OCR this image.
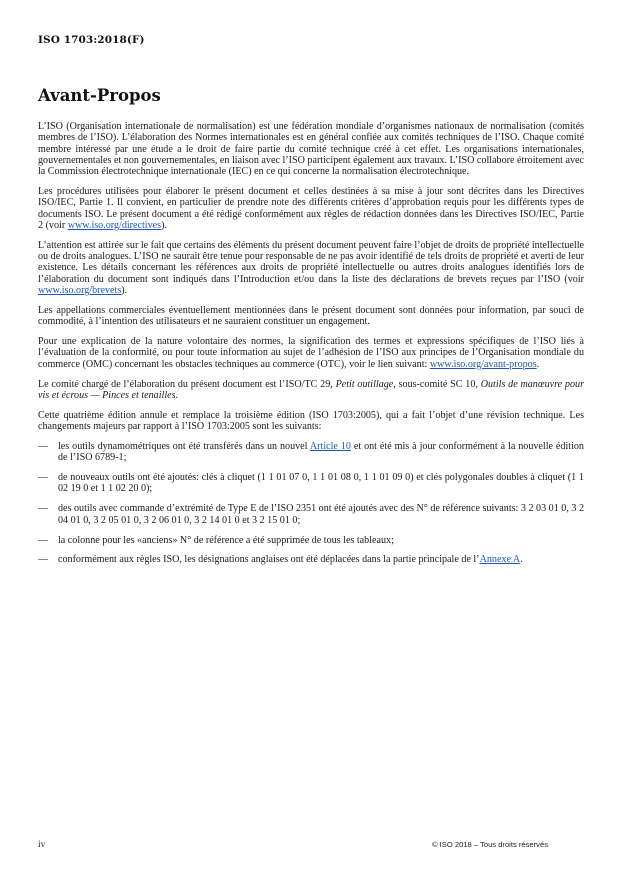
ISO 1703:2018(F)
Avant-Propos

L’ISO (Organisation internationale de normalisation) est une fédération mondiale d’organismes nationaux de normalisation (comités membres de l’ISO). L’élaboration des Normes internationales est en général confiée aux comités techniques de l’ISO. Chaque comité membre intéressé par une étude a le droit de faire partie du comité technique créé à cet effet. Les organisations internationales, gouvernementales et non gouvernementales, en liaison avec l’ISO participent également aux travaux. L’ISO collabore étroitement avec la Commission électrotechnique internationale (IEC) en ce qui concerne la normalisation électrotechnique.

Les procédures utilisées pour élaborer le présent document et celles destinées à sa mise à jour sont décrites dans les Directives ISO/IEC, Partie 1. Il convient, en particulier de prendre note des différents critères d’approbation requis pour les différents types de documents ISO. Le présent document a été rédigé conformément aux règles de rédaction données dans les Directives ISO/IEC, Partie 2 (voir www.iso.org/directives).

L’attention est attirée sur le fait que certains des éléments du présent document peuvent faire l’objet de droits de propriété intellectuelle ou de droits analogues. L’ISO ne saurait être tenue pour responsable de ne pas avoir identifié de tels droits de propriété et averti de leur existence. Les détails concernant les références aux droits de propriété intellectuelle ou autres droits analogues identifiés lors de l’élaboration du document sont indiqués dans l’Introduction et/ou dans la liste des déclarations de brevets reçues par l’ISO (voir www.iso.org/brevets).

Les appellations commerciales éventuellement mentionnées dans le présent document sont données pour information, par souci de commodité, à l’intention des utilisateurs et ne sauraient constituer un engagement.

Pour une explication de la nature volontaire des normes, la signification des termes et expressions spécifiques de l’ISO liés à l’évaluation de la conformité, ou pour toute information au sujet de l’adhésion de l’ISO aux principes de l’Organisation mondiale du commerce (OMC) concernant les obstacles techniques au commerce (OTC), voir le lien suivant: www.iso.org/avant-propos.

Le comité chargé de l’élaboration du présent document est l’ISO/TC 29, Petit outillage, sous-comité SC 10, Outils de manœuvre pour vis et écrous — Pinces et tenailles.

Cette quatrième édition annule et remplace la troisième édition (ISO 1703:2005), qui a fait l’objet d’une révision technique. Les changements majeurs par rapport à l’ISO 1703:2005 sont les suivants:

— les outils dynamométriques ont été transférés dans un nouvel Article 10 et ont été mis à jour conformément à la nouvelle édition de l’ISO 6789-1;
— de nouveaux outils ont été ajoutés: clés à cliquet (1 1 01 07 0, 1 1 01 08 0, 1 1 01 09 0) et clés polygonales doubles à cliquet (1 1 02 19 0 et 1 1 02 20 0);
— des outils avec commande d’extrémité de Type E de l’ISO 2351 ont été ajoutés avec des N° de référence suivants: 3 2 03 01 0, 3 2 04 01 0, 3 2 05 01 0, 3 2 06 01 0, 3 2 14 01 0 et 3 2 15 01 0;
— la colonne pour les «anciens» N° de référence a été supprimée de tous les tableaux;
— conformément aux règles ISO, les désignations anglaises ont été déplacées dans la partie principale de l’Annexe A.
iv	© ISO 2018 – Tous droits réservés
